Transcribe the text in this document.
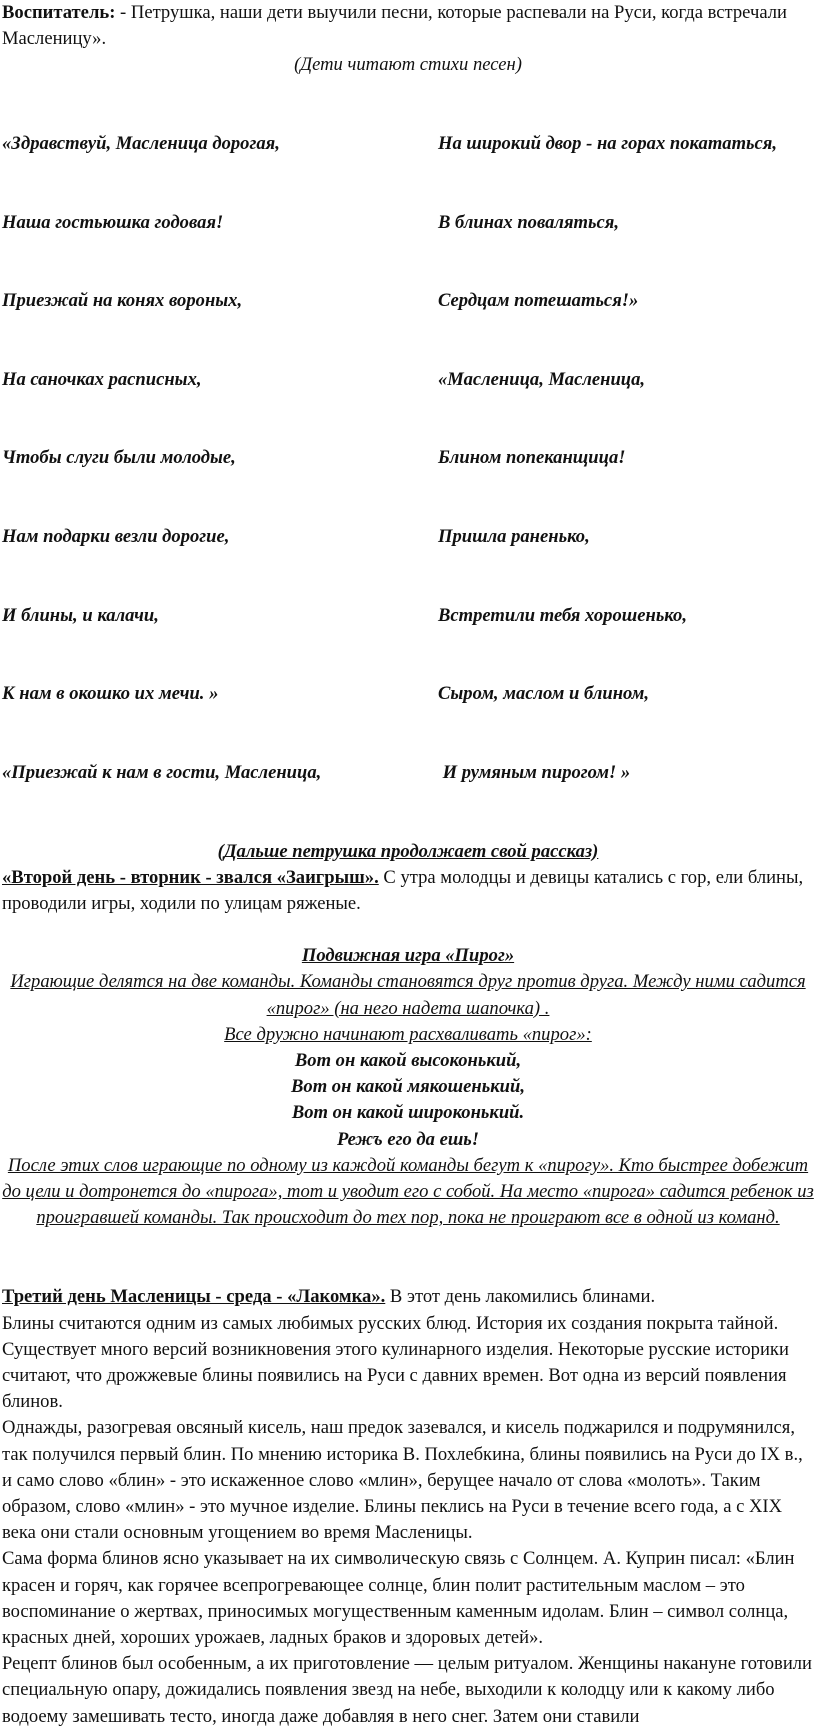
Воспитатель: - Петрушка, наши дети выучили песни, которые распевали на Руси, когда встречали Масленицу».

(Дети читают стихи песен)

«Здравствуй, Масленица дорогая,

Наша гостьюшка годовая!

Приезжай на конях вороных,

На саночках расписных,

Чтобы слуги были молодые,

Нам подарки везли дорогие,

И блины, и калачи,

К нам в окошко их мечи. »

«Приезжай к нам в гости, Масленица,

На широкий двор - на горах покататься,

В блинах поваляться,

Сердцам потешаться!»

«Масленица, Масленица,

Блином попеканщица!

Пришла раненько,

Встретили тебя хорошенько,

Сыром, маслом и блином,

И румяным пирогом! »

(Дальше петрушка продолжает свой рассказ)

«Второй день - вторник - звался «Заигрыш». С утра молодцы и девицы катались с гор, ели блины, проводили игры, ходили по улицам ряженые.

Подвижная игра «Пирог»

Играющие делятся на две команды. Команды становятся друг против друга. Между ними садится «пирог» (на него надета шапочка) .

Все дружно начинают расхваливать «пирог»:

Вот он какой высоконький,

Вот он какой мякошенький,

Вот он какой широконький.

Режъ его да ешь!

После этих слов играющие по одному из каждой команды бегут к «пирогу». Кто быстрее добежит до цели и дотронется до «пирога», тот и уводит его с собой. На место «пирога» садится ребенок из проигравшей команды. Так происходит до тех пор, пока не проиграют все в одной из команд.

Третий день Масленицы - среда - «Лакомка». В этот день лакомились блинами.

Блины считаются одним из самых любимых русских блюд. История их создания покрыта тайной. Существует много версий возникновения этого кулинарного изделия. Некоторые русские историки считают, что дрожжевые блины появились на Руси с давних времен. Вот одна из версий появления блинов.

Однажды, разогревая овсяный кисель, наш предок зазевался, и кисель поджарился и подрумянился, так получился первый блин. По мнению историка В. Похлебкина, блины появились на Руси до IX в., и само слово «блин» - это искаженное слово «млин», берущее начало от слова «молоть». Таким образом, слово «млин» - это мучное изделие. Блины пеклись на Руси в течение всего года, а с XIX века они стали основным угощением во время Масленицы.

Сама форма блинов ясно указывает на их символическую связь с Солнцем. А. Куприн писал: «Блин красен и горяч, как горячее всепрогревающее солнце, блин полит растительным маслом – это воспоминание о жертвах, приносимых могущественным каменным идолам. Блин – символ солнца, красных дней, хороших урожаев, ладных браков и здоровых детей».

Рецепт блинов был особенным, а их приготовление — целым ритуалом. Женщины накануне готовили специальную опару, дожидались появления звезд на небе, выходили к колодцу или к какому либо водоему замешивать тесто, иногда даже добавляя в него снег. Затем они ставили
